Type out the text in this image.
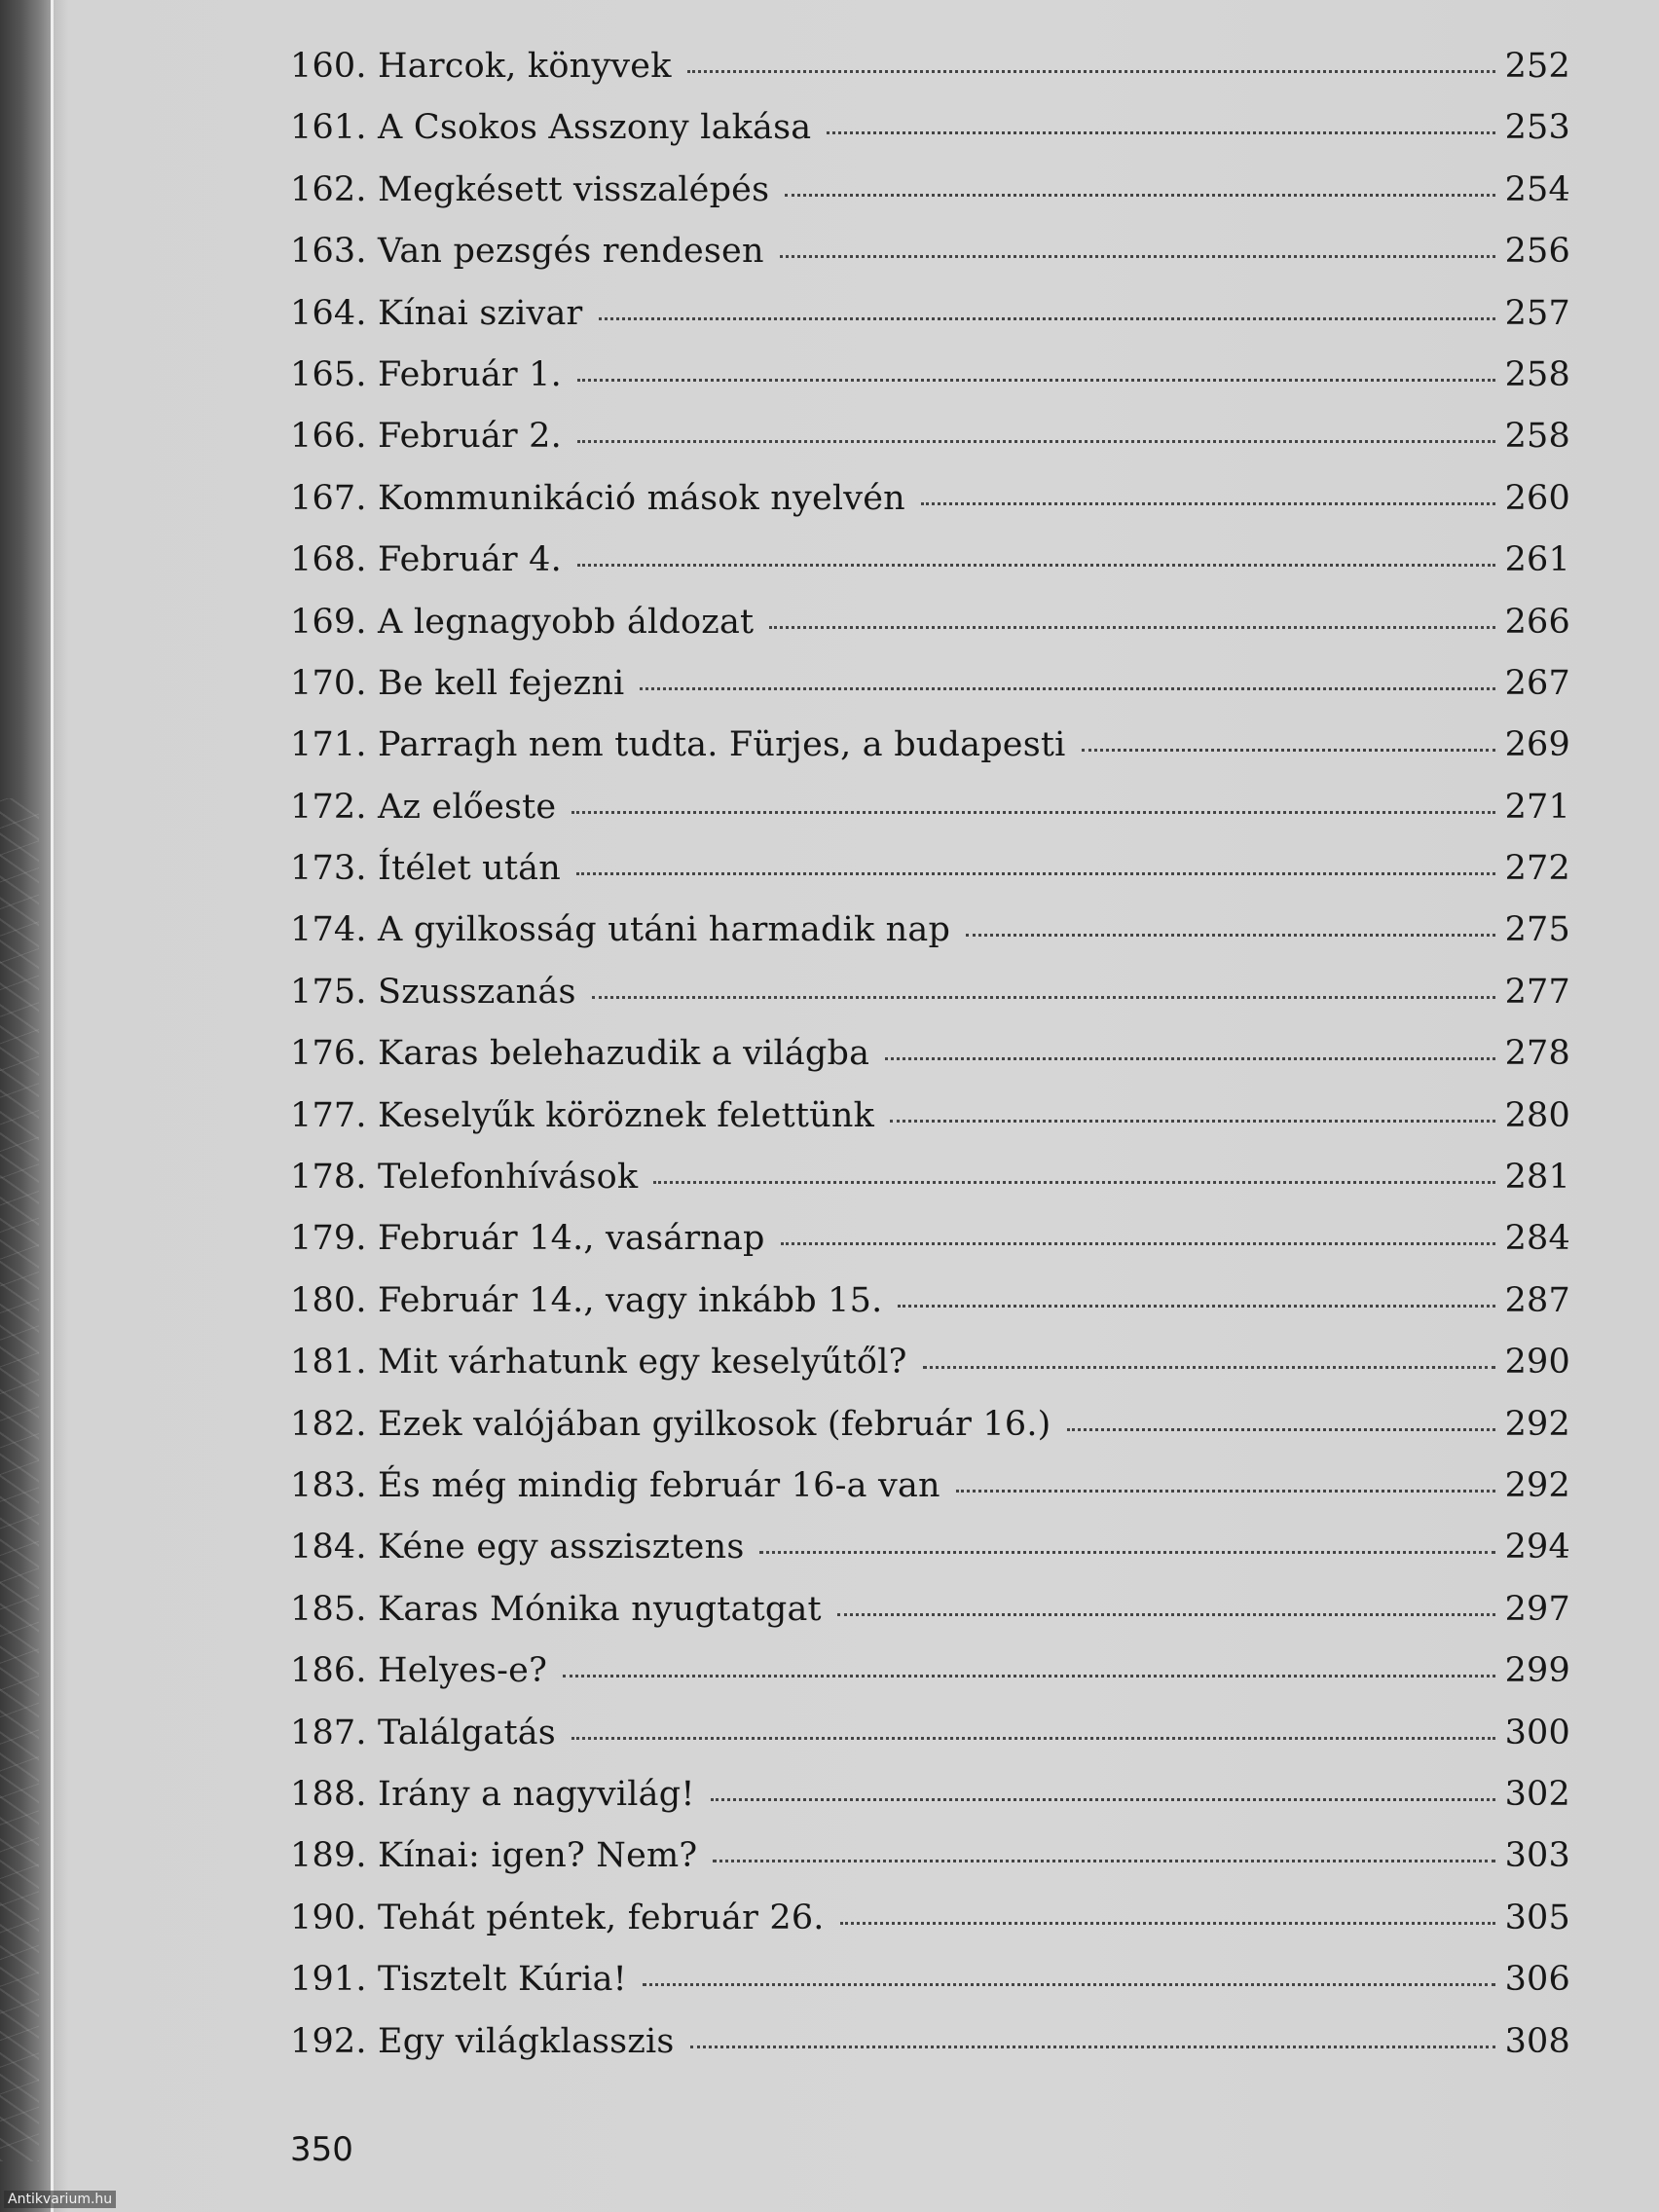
160. Harcok, könyvek	252
161. A Csokos Asszony lakása	253
162. Megkésett visszalépés	254
163. Van pezsgés rendesen	256
164. Kínai szivar	257
165. Február 1.	258
166. Február 2.	258
167. Kommunikáció mások nyelvén	260
168. Február 4.	261
169. A legnagyobb áldozat	266
170. Be kell fejezni	267
171. Parragh nem tudta. Fürjes, a budapesti	269
172. Az előeste	271
173. Ítélet után	272
174. A gyilkosság utáni harmadik nap	275
175. Szusszanás	277
176. Karas belehazudik a világba	278
177. Keselyűk köröznek felettünk	280
178. Telefonhívások	281
179. Február 14., vasárnap	284
180. Február 14., vagy inkább 15.	287
181. Mit várhatunk egy keselyűtől?	290
182. Ezek valójában gyilkosok (február 16.)	292
183. És még mindig február 16-a van	292
184. Kéne egy asszisztens	294
185. Karas Mónika nyugtatgat	297
186. Helyes-e?	299
187. Találgatás	300
188. Irány a nagyvilág!	302
189. Kínai: igen? Nem?	303
190. Tehát péntek, február 26.	305
191. Tisztelt Kúria!	306
192. Egy világklasszis	308
350
Antikvarium.hu
